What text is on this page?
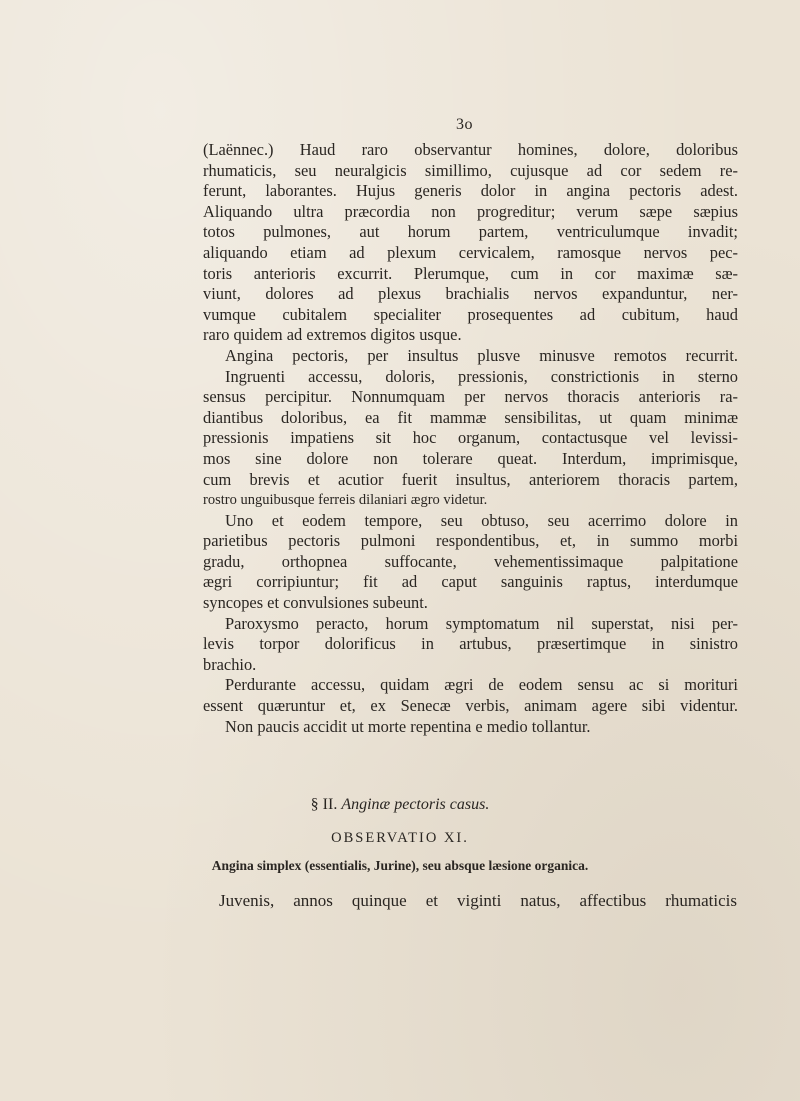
3o
(Laënnec.) Haud raro observantur homines, dolore, doloribus
rhumaticis, seu neuralgicis simillimo, cujusque ad cor sedem re-
ferunt, laborantes. Hujus generis dolor in angina pectoris adest.
Aliquando ultra præcordia non progreditur; verum sæpe sæpius
totos pulmones, aut horum partem, ventriculumque invadit;
aliquando etiam ad plexum cervicalem, ramosque nervos pec-
toris anterioris excurrit. Plerumque, cum in cor maximæ sæ-
viunt, dolores ad plexus brachialis nervos expanduntur, ner-
vumque cubitalem specialiter prosequentes ad cubitum, haud
raro quidem ad extremos digitos usque.
Angina pectoris, per insultus plusve minusve remotos recurrit.
Ingruenti accessu, doloris, pressionis, constrictionis in sterno
sensus percipitur. Nonnumquam per nervos thoracis anterioris ra-
diantibus doloribus, ea fit mammæ sensibilitas, ut quam minimæ
pressionis impatiens sit hoc organum, contactusque vel levissi-
mos sine dolore non tolerare queat. Interdum, imprimisque,
cum brevis et acutior fuerit insultus, anteriorem thoracis partem,
rostro unguibusque ferreis dilaniari ægro videtur.
Uno et eodem tempore, seu obtuso, seu acerrimo dolore in
parietibus pectoris pulmoni respondentibus, et, in summo morbi
gradu, orthopnea suffocante, vehementissimaque palpitatione
ægri corripiuntur; fit ad caput sanguinis raptus, interdumque
syncopes et convulsiones subeunt.
Paroxysmo peracto, horum symptomatum nil superstat, nisi per-
levis torpor dolorificus in artubus, præsertimque in sinistro
brachio.
Perdurante accessu, quidam ægri de eodem sensu ac si morituri
essent quæruntur et, ex Senecæ verbis, animam agere sibi videntur.
Non paucis accidit ut morte repentina e medio tollantur.
§ II. Anginæ pectoris casus.
OBSERVATIO XI.
Angina simplex (essentialis, Jurine), seu absque læsione organica.
Juvenis, annos quinque et viginti natus, affectibus rhumaticis
